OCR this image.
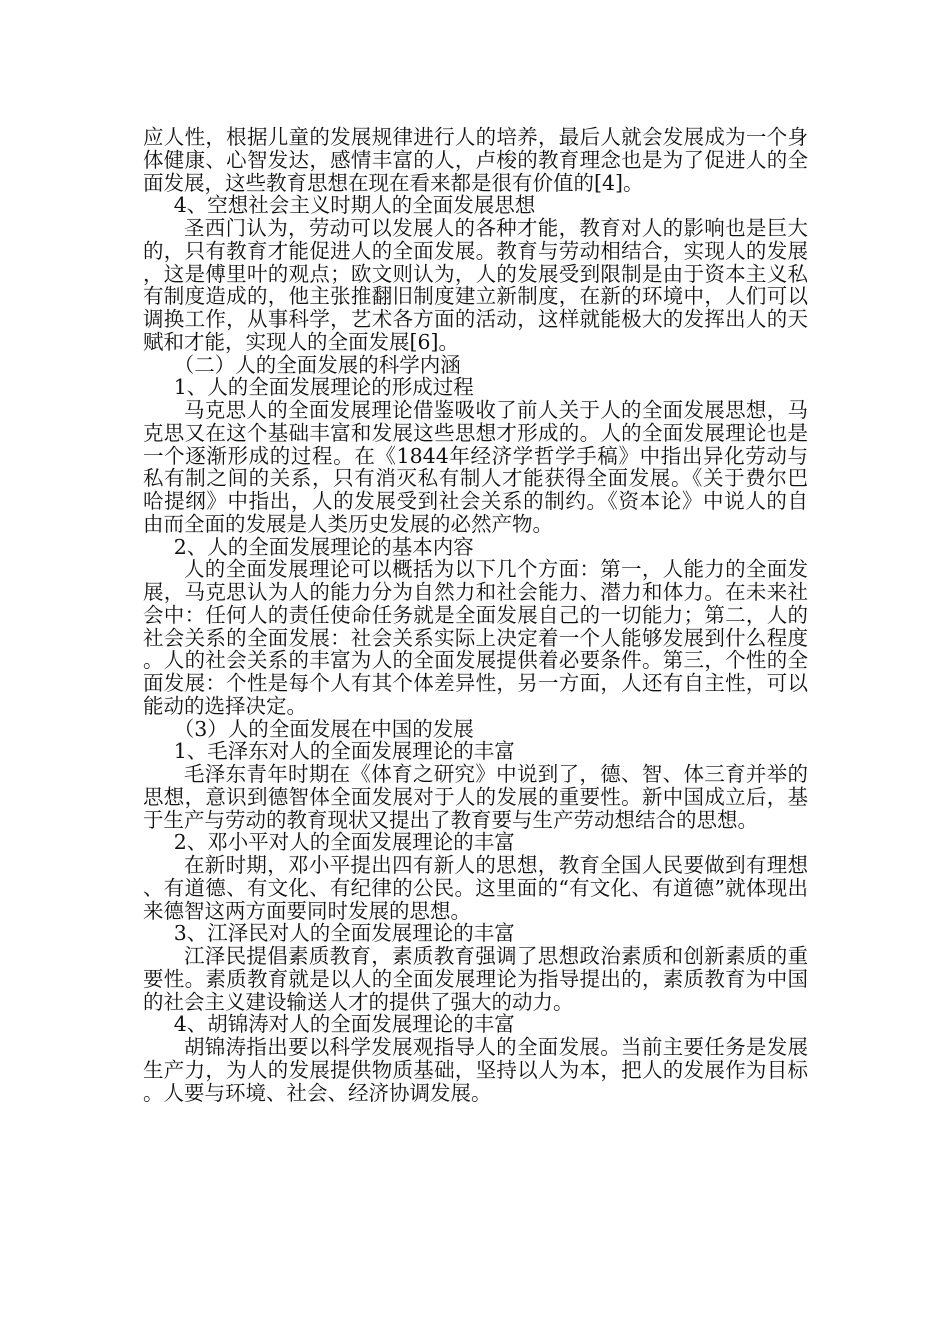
应人性，根据儿童的发展规律进行人的培养，最后人就会发展成为一个身体健康、心智发达，感情丰富的人，卢梭的教育理念也是为了促进人的全面发展，这些教育思想在现在看来都是很有价值的[4]。

4、空想社会主义时期人的全面发展思想

圣西门认为，劳动可以发展人的各种才能，教育对人的影响也是巨大的，只有教育才能促进人的全面发展。教育与劳动相结合，实现人的发展，这是傅里叶的观点；欧文则认为，人的发展受到限制是由于资本主义私有制度造成的，他主张推翻旧制度建立新制度，在新的环境中，人们可以调换工作，从事科学，艺术各方面的活动，这样就能极大的发挥出人的天赋和才能，实现人的全面发展[6]。

（二）人的全面发展的科学内涵

1、人的全面发展理论的形成过程

马克思人的全面发展理论借鉴吸收了前人关于人的全面发展思想，马克思又在这个基础丰富和发展这些思想才形成的。人的全面发展理论也是一个逐渐形成的过程。在《1844年经济学哲学手稿》中指出异化劳动与私有制之间的关系，只有消灭私有制人才能获得全面发展。《关于费尔巴哈提纲》中指出，人的发展受到社会关系的制约。《资本论》中说人的自由而全面的发展是人类历史发展的必然产物。

2、人的全面发展理论的基本内容

人的全面发展理论可以概括为以下几个方面：第一，人能力的全面发展，马克思认为人的能力分为自然力和社会能力、潜力和体力。在未来社会中：任何人的责任使命任务就是全面发展自己的一切能力；第二，人的社会关系的全面发展：社会关系实际上决定着一个人能够发展到什么程度。人的社会关系的丰富为人的全面发展提供着必要条件。第三，个性的全面发展：个性是每个人有其个体差异性，另一方面，人还有自主性，可以能动的选择决定。

（3）人的全面发展在中国的发展

1、毛泽东对人的全面发展理论的丰富

毛泽东青年时期在《体育之研究》中说到了，德、智、体三育并举的思想，意识到德智体全面发展对于人的发展的重要性。新中国成立后，基于生产与劳动的教育现状又提出了教育要与生产劳动想结合的思想。

2、邓小平对人的全面发展理论的丰富

在新时期，邓小平提出四有新人的思想，教育全国人民要做到有理想、有道德、有文化、有纪律的公民。这里面的“有文化、有道德”就体现出来德智这两方面要同时发展的思想。

3、江泽民对人的全面发展理论的丰富

江泽民提倡素质教育，素质教育强调了思想政治素质和创新素质的重要性。素质教育就是以人的全面发展理论为指导提出的，素质教育为中国的社会主义建设输送人才的提供了强大的动力。

4、胡锦涛对人的全面发展理论的丰富

胡锦涛指出要以科学发展观指导人的全面发展。当前主要任务是发展生产力，为人的发展提供物质基础，坚持以人为本，把人的发展作为目标。人要与环境、社会、经济协调发展。
